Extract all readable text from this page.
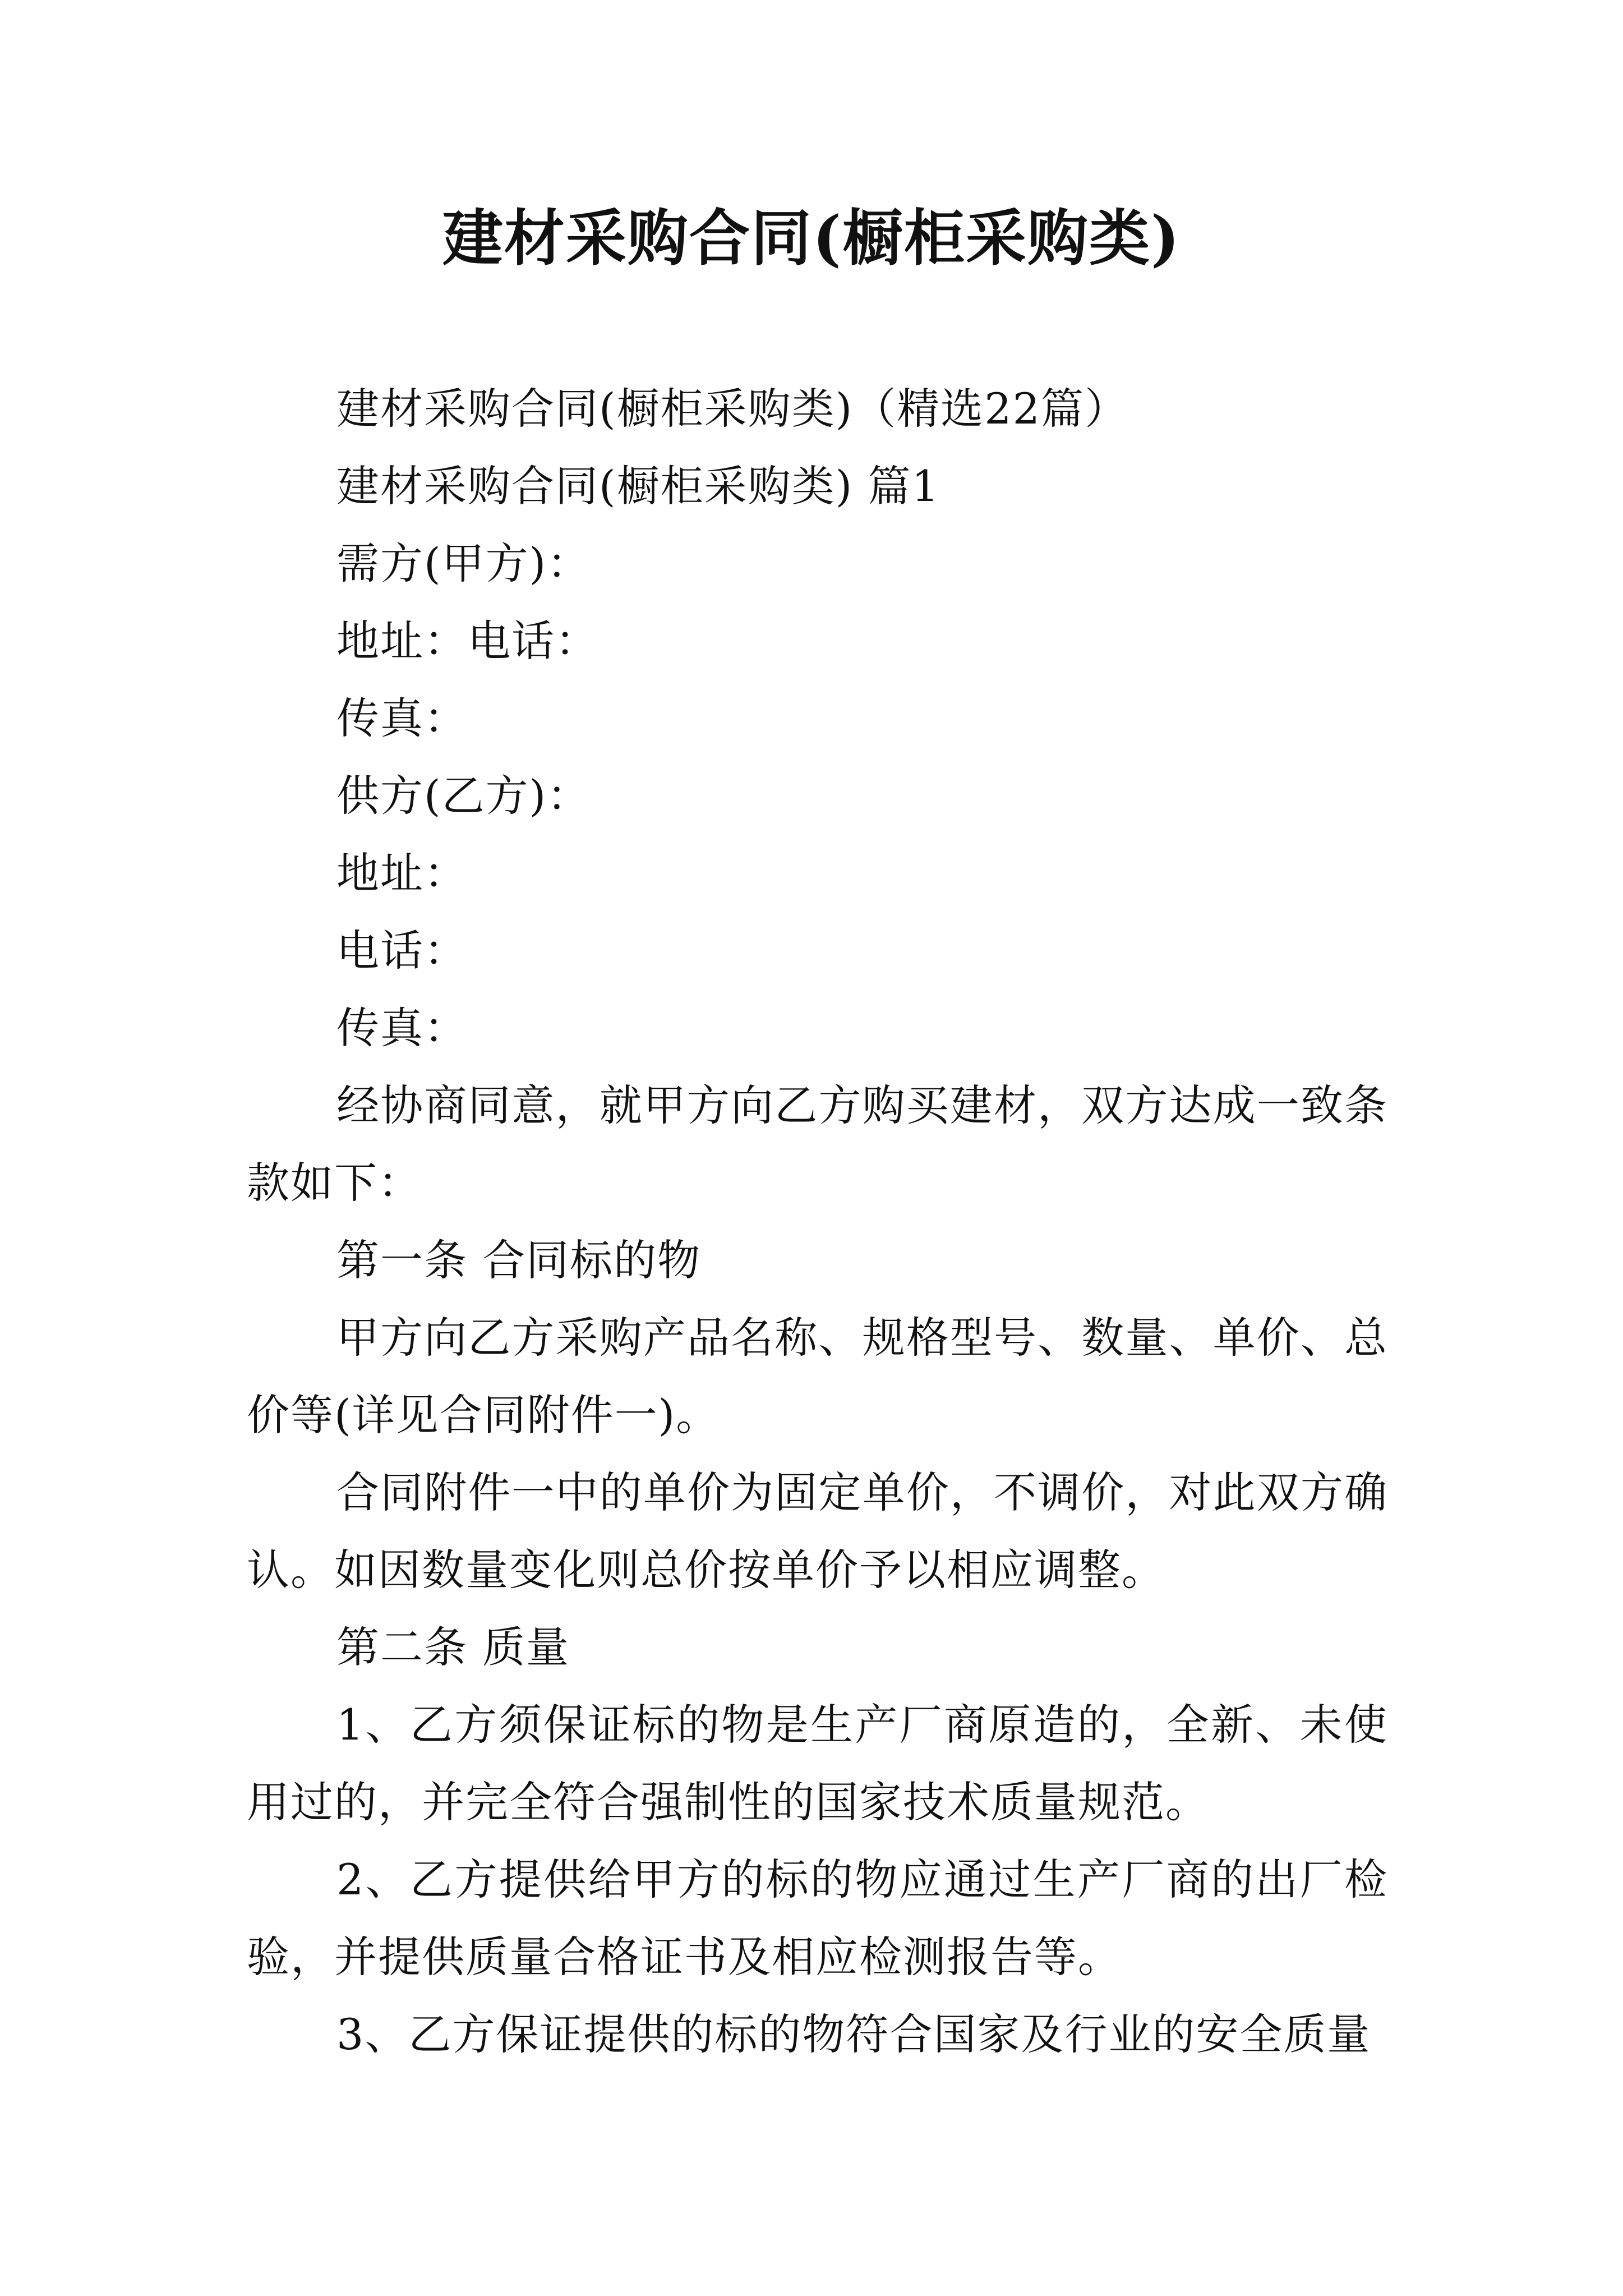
建材采购合同(橱柜采购类)

建材采购合同(橱柜采购类)（精选22篇）

建材采购合同(橱柜采购类) 篇1

需方(甲方)：

地址：电话：

传真：

供方(乙方)：

地址：

电话：

传真：

经协商同意，就甲方向乙方购买建材，双方达成一致条款如下：

第一条 合同标的物

甲方向乙方采购产品名称、规格型号、数量、单价、总价等(详见合同附件一)。

合同附件一中的单价为固定单价，不调价，对此双方确认。如因数量变化则总价按单价予以相应调整。

第二条 质量

1、乙方须保证标的物是生产厂商原造的，全新、未使用过的，并完全符合强制性的国家技术质量规范。

2、乙方提供给甲方的标的物应通过生产厂商的出厂检验，并提供质量合格证书及相应检测报告等。

3、乙方保证提供的标的物符合国家及行业的安全质量
